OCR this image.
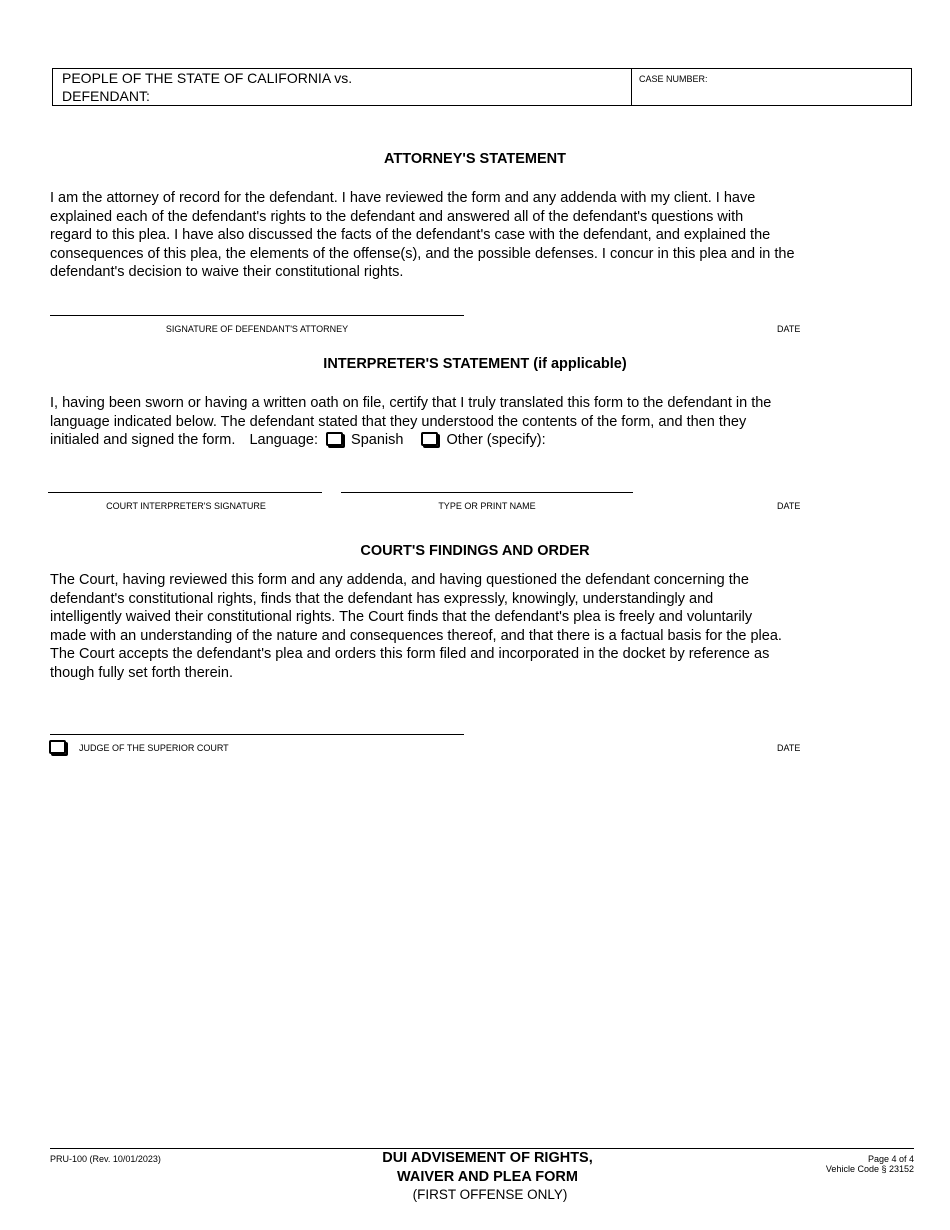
PEOPLE OF THE STATE OF CALIFORNIA vs.
DEFENDANT:
CASE NUMBER:
ATTORNEY'S STATEMENT
I am the attorney of record for the defendant. I have reviewed the form and any addenda with my client. I have
explained each of the defendant's rights to the defendant and answered all of the defendant's questions with
regard to this plea. I have also discussed the facts of the defendant's case with the defendant, and explained the
consequences of this plea, the elements of the offense(s), and the possible defenses. I concur in this plea and in the
defendant's decision to waive their constitutional rights.
SIGNATURE OF DEFENDANT'S ATTORNEY	DATE
INTERPRETER'S STATEMENT (if applicable)
I, having been sworn or having a written oath on file, certify that I truly translated this form to the defendant in the
language indicated below. The defendant stated that they understood the contents of the form, and then they
initialed and signed the form. Language: Spanish	Other (specify):
COURT INTERPRETER'S SIGNATURE	TYPE OR PRINT NAME	DATE
COURT'S FINDINGS AND ORDER
The Court, having reviewed this form and any addenda, and having questioned the defendant concerning the
defendant's constitutional rights, finds that the defendant has expressly, knowingly, understandingly and
intelligently waived their constitutional rights. The Court finds that the defendant's plea is freely and voluntarily
made with an understanding of the nature and consequences thereof, and that there is a factual basis for the plea.
The Court accepts the defendant's plea and orders this form filed and incorporated in the docket by reference as
though fully set forth therein.
JUDGE OF THE SUPERIOR COURT	DATE
PRU-100 (Rev. 10/01/2023)	DUI ADVISEMENT OF RIGHTS,
WAIVER AND PLEA FORM
(FIRST OFFENSE ONLY)
Page 4 of 4
Vehicle Code § 23152
